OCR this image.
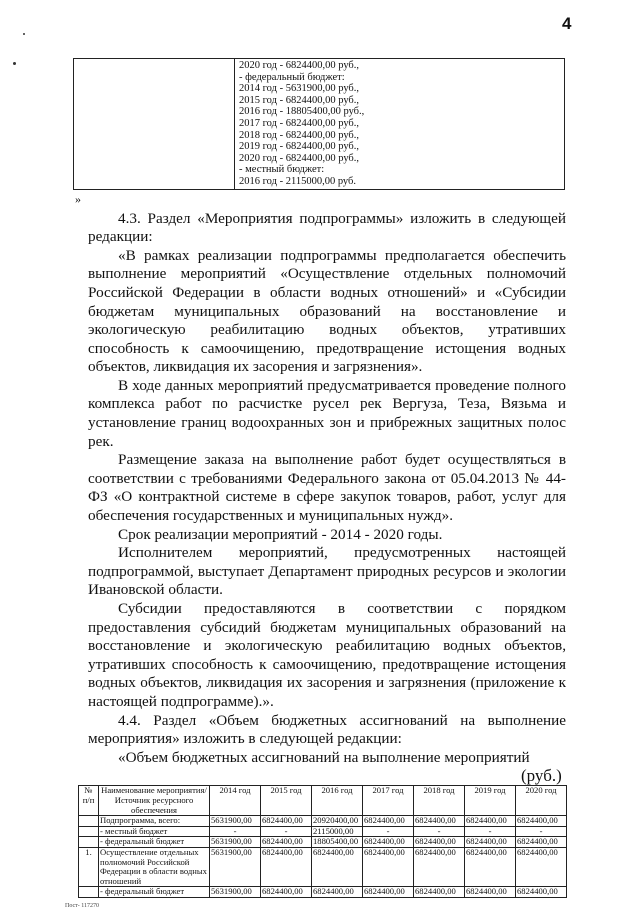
4

2020 год - 6824400,00 руб.,
- федеральный бюджет:
2014 год - 5631900,00 руб.,
2015 год - 6824400,00 руб.,
2016 год - 18805400,00 руб.,
2017 год - 6824400,00 руб.,
2018 год - 6824400,00 руб.,
2019 год - 6824400,00 руб.,
2020 год - 6824400,00 руб.,
- местный бюджет:
2016 год - 2115000,00 руб.
»

4.3. Раздел «Мероприятия подпрограммы» изложить в следующей редакции:

«В рамках реализации подпрограммы предполагается обеспечить выполнение мероприятий «Осуществление отдельных полномочий Российской Федерации в области водных отношений» и «Субсидии бюджетам муниципальных образований на восстановление и экологическую реабилитацию водных объектов, утративших способность к самоочищению, предотвращение истощения водных объектов, ликвидация их засорения и загрязнения».

В ходе данных мероприятий предусматривается проведение полного комплекса работ по расчистке русел рек Вергуза, Теза, Вязьма и установление границ водоохранных зон и прибрежных защитных полос рек.

Размещение заказа на выполнение работ будет осуществляться в соответствии с требованиями Федерального закона от 05.04.2013 № 44-ФЗ «О контрактной системе в сфере закупок товаров, работ, услуг для обеспечения государственных и муниципальных нужд».

Срок реализации мероприятий - 2014 - 2020 годы.

Исполнителем мероприятий, предусмотренных настоящей подпрограммой, выступает Департамент природных ресурсов и экологии Ивановской области.

Субсидии предоставляются в соответствии с порядком предоставления субсидий бюджетам муниципальных образований на восстановление и экологическую реабилитацию водных объектов, утративших способность к самоочищению, предотвращение истощения водных объектов, ликвидация их засорения и загрязнения (приложение к настоящей подпрограмме).».

4.4. Раздел «Объем бюджетных ассигнований на выполнение мероприятия» изложить в следующей редакции:

«Объем бюджетных ассигнований на выполнение мероприятий

(руб.)
№ п/п	Наименование мероприятия/Источник ресурсного обеспечения	2014 год	2015 год	2016 год	2017 год	2018 год	2019 год	2020 год
	Подпрограмма, всего:	5631900,00	6824400,00	20920400,00	6824400,00	6824400,00	6824400,00	6824400,00
	- местный бюджет	-	-	2115000,00	-	-	-	-
	- федеральный бюджет	5631900,00	6824400,00	18805400,00	6824400,00	6824400,00	6824400,00	6824400,00
1.	Осуществление отдельных полномочий Российской Федерации в области водных отношений	5631900,00	6824400,00	6824400,00	6824400,00	6824400,00	6824400,00	6824400,00
	- федеральный бюджет	5631900,00	6824400,00	6824400,00	6824400,00	6824400,00	6824400,00	6824400,00
Пост- 117270
